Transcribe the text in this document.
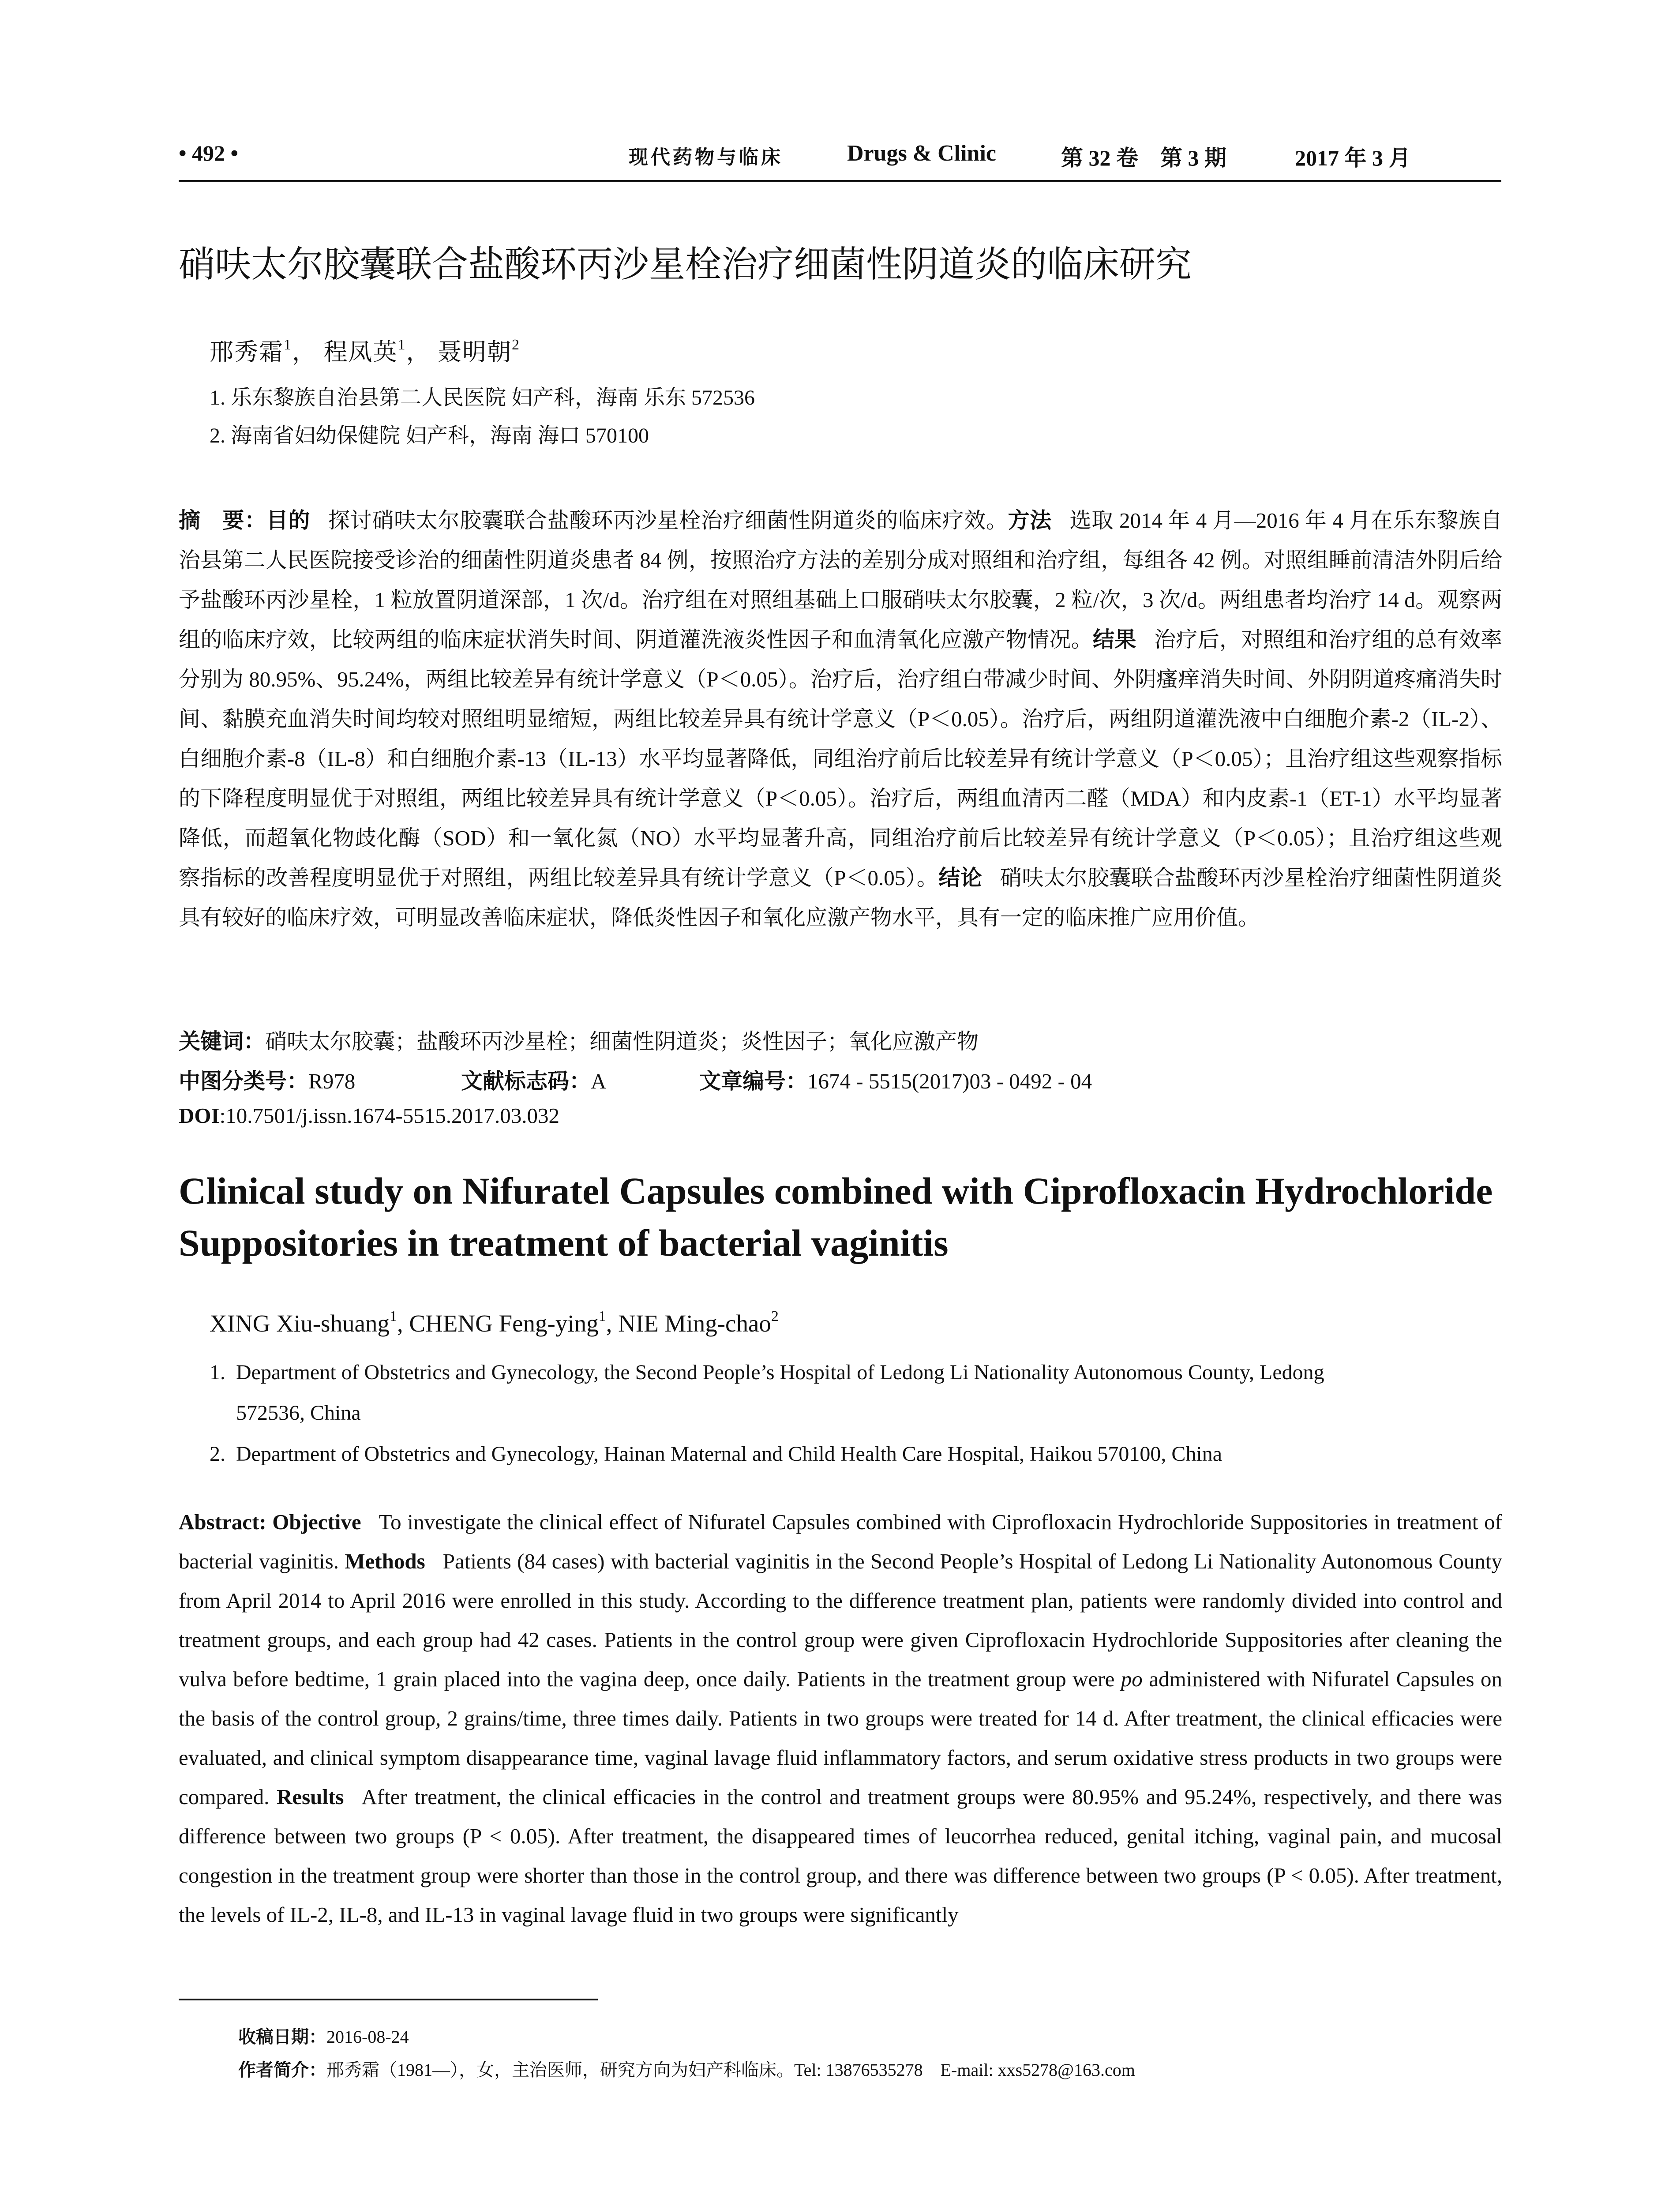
• 492 •	现代药物与临床	Drugs & Clinic	第 32 卷　第 3 期	2017 年 3 月
硝呋太尔胶囊联合盐酸环丙沙星栓治疗细菌性阴道炎的临床研究
邢秀霜$^1$， 程凤英$^1$， 聂明朝$^2$
1. 乐东黎族自治县第二人民医院 妇产科，海南 乐东 572536
2. 海南省妇幼保健院 妇产科，海南 海口 570100
摘　要：目的 探讨硝呋太尔胶囊联合盐酸环丙沙星栓治疗细菌性阴道炎的临床疗效。方法 选取 2014 年 4 月—2016 年 4 月在乐东黎族自治县第二人民医院接受诊治的细菌性阴道炎患者 84 例，按照治疗方法的差别分成对照组和治疗组，每组各 42 例。对照组睡前清洁外阴后给予盐酸环丙沙星栓，1 粒放置阴道深部，1 次/d。治疗组在对照组基础上口服硝呋太尔胶囊，2 粒/次，3 次/d。两组患者均治疗 14 d。观察两组的临床疗效，比较两组的临床症状消失时间、阴道灌洗液炎性因子和血清氧化应激产物情况。结果 治疗后，对照组和治疗组的总有效率分别为 80.95%、95.24%，两组比较差异有统计学意义（P＜0.05）。治疗后，治疗组白带减少时间、外阴瘙痒消失时间、外阴阴道疼痛消失时间、黏膜充血消失时间均较对照组明显缩短，两组比较差异具有统计学意义（P＜0.05）。治疗后，两组阴道灌洗液中白细胞介素-2（IL-2）、白细胞介素-8（IL-8）和白细胞介素-13（IL-13）水平均显著降低，同组治疗前后比较差异有统计学意义（P＜0.05）；且治疗组这些观察指标的下降程度明显优于对照组，两组比较差异具有统计学意义（P＜0.05）。治疗后，两组血清丙二醛（MDA）和内皮素-1（ET-1）水平均显著降低，而超氧化物歧化酶（SOD）和一氧化氮（NO）水平均显著升高，同组治疗前后比较差异有统计学意义（P＜0.05）；且治疗组这些观察指标的改善程度明显优于对照组，两组比较差异具有统计学意义（P＜0.05）。结论 硝呋太尔胶囊联合盐酸环丙沙星栓治疗细菌性阴道炎具有较好的临床疗效，可明显改善临床症状，降低炎性因子和氧化应激产物水平，具有一定的临床推广应用价值。
关键词：硝呋太尔胶囊；盐酸环丙沙星栓；细菌性阴道炎；炎性因子；氧化应激产物
中图分类号：R978	文献标志码：A	文章编号：1674 - 5515(2017)03 - 0492 - 04
DOI:10.7501/j.issn.1674-5515.2017.03.032
Clinical study on Nifuratel Capsules combined with Ciprofloxacin Hydrochloride
Suppositories in treatment of bacterial vaginitis
XING Xiu-shuang$^1$, CHENG Feng-ying$^1$, NIE Ming-chao$^2$
1. Department of Obstetrics and Gynecology, the Second People’s Hospital of Ledong Li Nationality Autonomous County, Ledong
572536, China
2. Department of Obstetrics and Gynecology, Hainan Maternal and Child Health Care Hospital, Haikou 570100, China
Abstract: Objective To investigate the clinical effect of Nifuratel Capsules combined with Ciprofloxacin Hydrochloride Suppositories in treatment of bacterial vaginitis. Methods Patients (84 cases) with bacterial vaginitis in the Second People’s Hospital of Ledong Li Nationality Autonomous County from April 2014 to April 2016 were enrolled in this study. According to the difference treatment plan, patients were randomly divided into control and treatment groups, and each group had 42 cases. Patients in the control group were given Ciprofloxacin Hydrochloride Suppositories after cleaning the vulva before bedtime, 1 grain placed into the vagina deep, once daily. Patients in the treatment group were po administered with Nifuratel Capsules on the basis of the control group, 2 grains/time, three times daily. Patients in two groups were treated for 14 d. After treatment, the clinical efficacies were evaluated, and clinical symptom disappearance time, vaginal lavage fluid inflammatory factors, and serum oxidative stress products in two groups were compared. Results After treatment, the clinical efficacies in the control and treatment groups were 80.95% and 95.24%, respectively, and there was difference between two groups (P < 0.05). After treatment, the disappeared times of leucorrhea reduced, genital itching, vaginal pain, and mucosal congestion in the treatment group were shorter than those in the control group, and there was difference between two groups (P < 0.05). After treatment, the levels of IL-2, IL-8, and IL-13 in vaginal lavage fluid in two groups were significantly
收稿日期：2016-08-24
作者简介：邢秀霜（1981—），女，主治医师，研究方向为妇产科临床。Tel: 13876535278　E-mail: xxs5278@163.com
